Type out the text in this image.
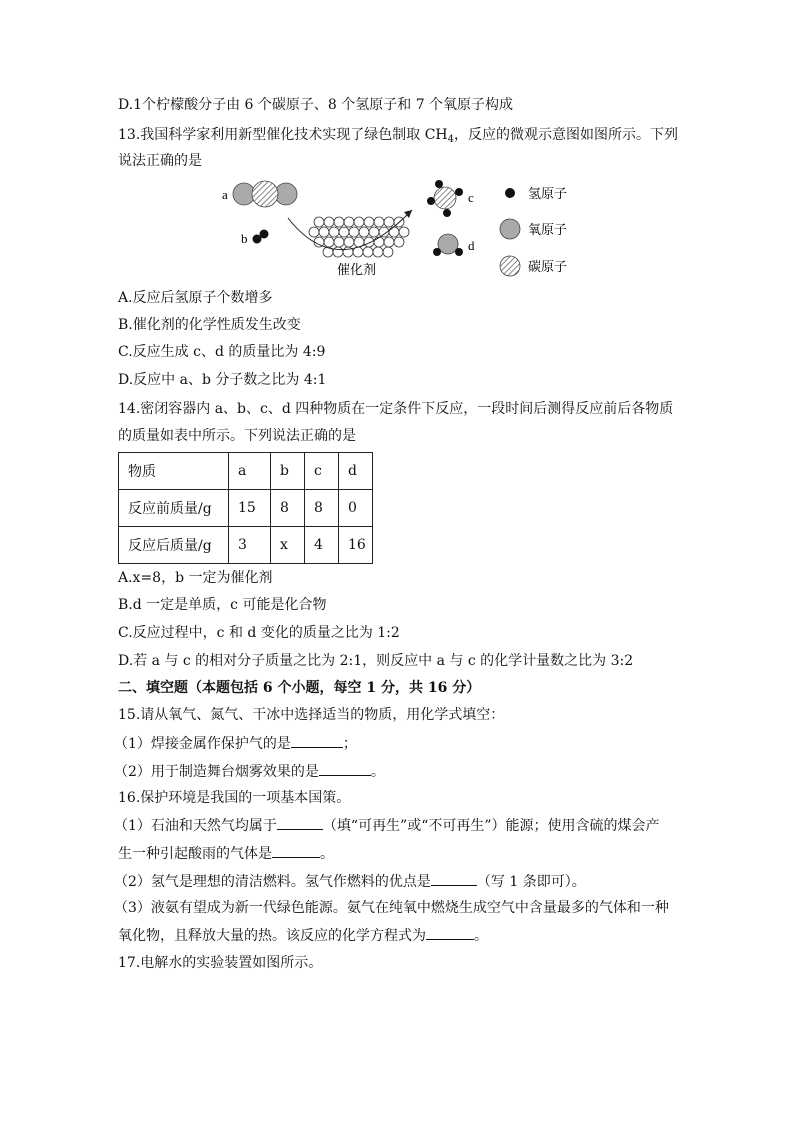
D.1个柠檬酸分子由 6 个碳原子、8 个氢原子和 7 个氧原子构成
13.我国科学家利用新型催化技术实现了绿色制取 $CH_4$，反应的微观示意图如图所示。下列
说法正确的是
a
b
催化剂
c
d
氢原子
氧原子
碳原子
A.反应后氢原子个数增多
B.催化剂的化学性质发生改变
C.反应生成 c、d 的质量比为 4:9
D.反应中 a、b 分子数之比为 4:1
14.密闭容器内 a、b、c、d 四种物质在一定条件下反应，一段时间后测得反应前后各物质
的质量如表中所示。下列说法正确的是
物质	a	b	c	d
反应前质量/g	15	8	8	0
反应后质量/g	3	x	4	16
A.x=8，b 一定为催化剂
B.d 一定是单质，c 可能是化合物
C.反应过程中，c 和 d 变化的质量之比为 1:2
D.若 a 与 c 的相对分子质量之比为 2:1，则反应中 a 与 c 的化学计量数之比为 3:2
二、填空题（本题包括 6 个小题，每空 1 分，共 16 分）
15.请从氧气、氮气、干冰中选择适当的物质，用化学式填空：
（1）焊接金属作保护气的是	；
（2）用于制造舞台烟雾效果的是	。
16.保护环境是我国的一项基本国策。
（1）石油和天然气均属于	（填“可再生”或“不可再生”）能源；使用含硫的煤会产
生一种引起酸雨的气体是	。
（2）氢气是理想的清洁燃料。氢气作燃料的优点是	（写 1 条即可）。
（3）液氨有望成为新一代绿色能源。氨气在纯氧中燃烧生成空气中含量最多的气体和一种
氧化物，且释放大量的热。该反应的化学方程式为	。
17.电解水的实验装置如图所示。
